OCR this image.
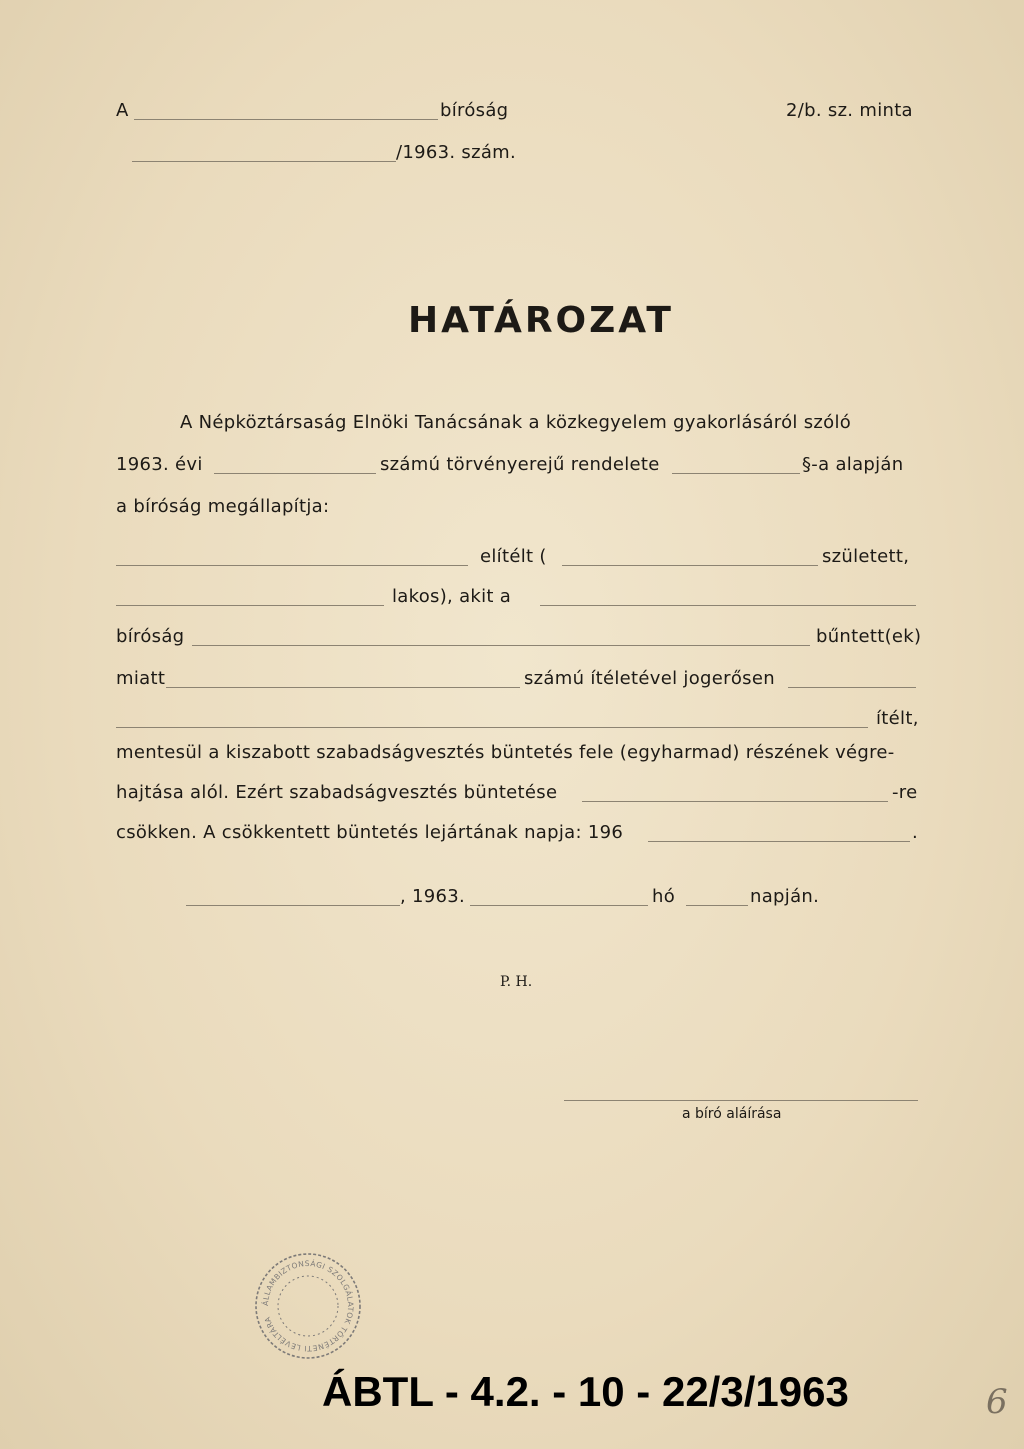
A	bíróság	2/b. sz. minta
/1963. szám.
HATÁROZAT
A Népköztársaság Elnöki Tanácsának a közkegyelem gyakorlásáról szóló
1963. évi	számú törvényerejű rendelete	§-a alapján
a bíróság megállapítja:
elítélt (	született,
lakos), akit a
bíróság	bűntett(ek)
miatt	számú ítéletével jogerősen
ítélt,
mentesül a kiszabott szabadságvesztés büntetés fele (egyharmad) részének végre-
hajtása alól. Ezért szabadságvesztés büntetése	-re
csökken. A csökkentett büntetés lejártának napja: 196	.
, 1963.	hó	napján.
P. H.
a bíró aláírása
ÁLLAMBIZTONSÁGI SZOLGÁLATOK TÖRTÉNETI LEVÉLTÁRA
ÁBTL - 4.2. - 10 - 22/3/1963	6
